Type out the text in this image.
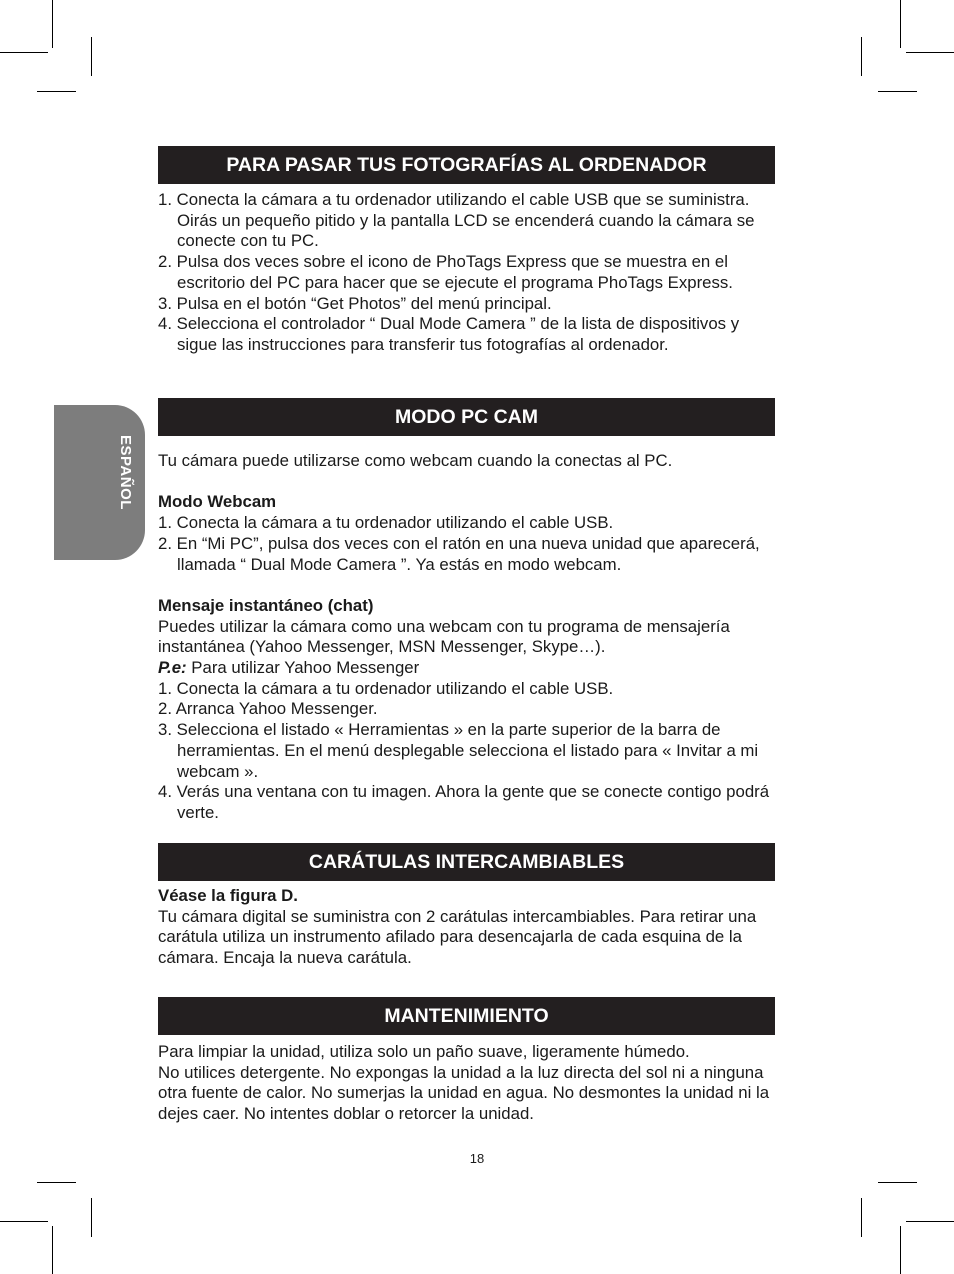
ESPAÑOL
PARA PASAR TUS FOTOGRAFÍAS AL ORDENADOR

1. Conecta la cámara a tu ordenador utilizando el cable USB que se suministra. Oirás un pequeño pitido y la pantalla LCD se encenderá cuando la cámara se conecte con tu PC.

2. Pulsa dos veces sobre el icono de PhoTags Express que se muestra en el escritorio del PC para hacer que se ejecute el programa PhoTags Express.

3. Pulsa en el botón “Get Photos” del menú principal.

4. Selecciona el controlador “ Dual Mode Camera ” de la lista de dispositivos y sigue las instrucciones para transferir tus fotografías al ordenador.

MODO PC CAM

Tu cámara puede utilizarse como webcam cuando la conectas al PC.

Modo Webcam

1. Conecta la cámara a tu ordenador utilizando el cable USB.

2. En “Mi PC”, pulsa dos veces con el ratón en una nueva unidad que aparecerá, llamada “ Dual Mode Camera ”. Ya estás en modo webcam.

Mensaje instantáneo (chat)

Puedes utilizar la cámara como una webcam con tu programa de mensajería instantánea (Yahoo Messenger, MSN Messenger, Skype…).

P.e: Para utilizar Yahoo Messenger

1. Conecta la cámara a tu ordenador utilizando el cable USB.

2. Arranca Yahoo Messenger.

3. Selecciona el listado « Herramientas » en la parte superior de la barra de herramientas. En el menú desplegable selecciona el listado para « Invitar a mi webcam ».

4. Verás una ventana con tu imagen. Ahora la gente que se conecte contigo podrá verte.

CARÁTULAS INTERCAMBIABLES

Véase la figura D.

Tu cámara digital se suministra con 2 carátulas intercambiables. Para retirar una carátula utiliza un instrumento afilado para desencajarla de cada esquina de la cámara. Encaja la nueva carátula.

MANTENIMIENTO

Para limpiar la unidad, utiliza solo un paño suave, ligeramente húmedo.

No utilices detergente. No expongas la unidad a la luz directa del sol ni a ninguna otra fuente de calor. No sumerjas la unidad en agua. No desmontes la unidad ni la dejes caer. No intentes doblar o retorcer la unidad.

18
